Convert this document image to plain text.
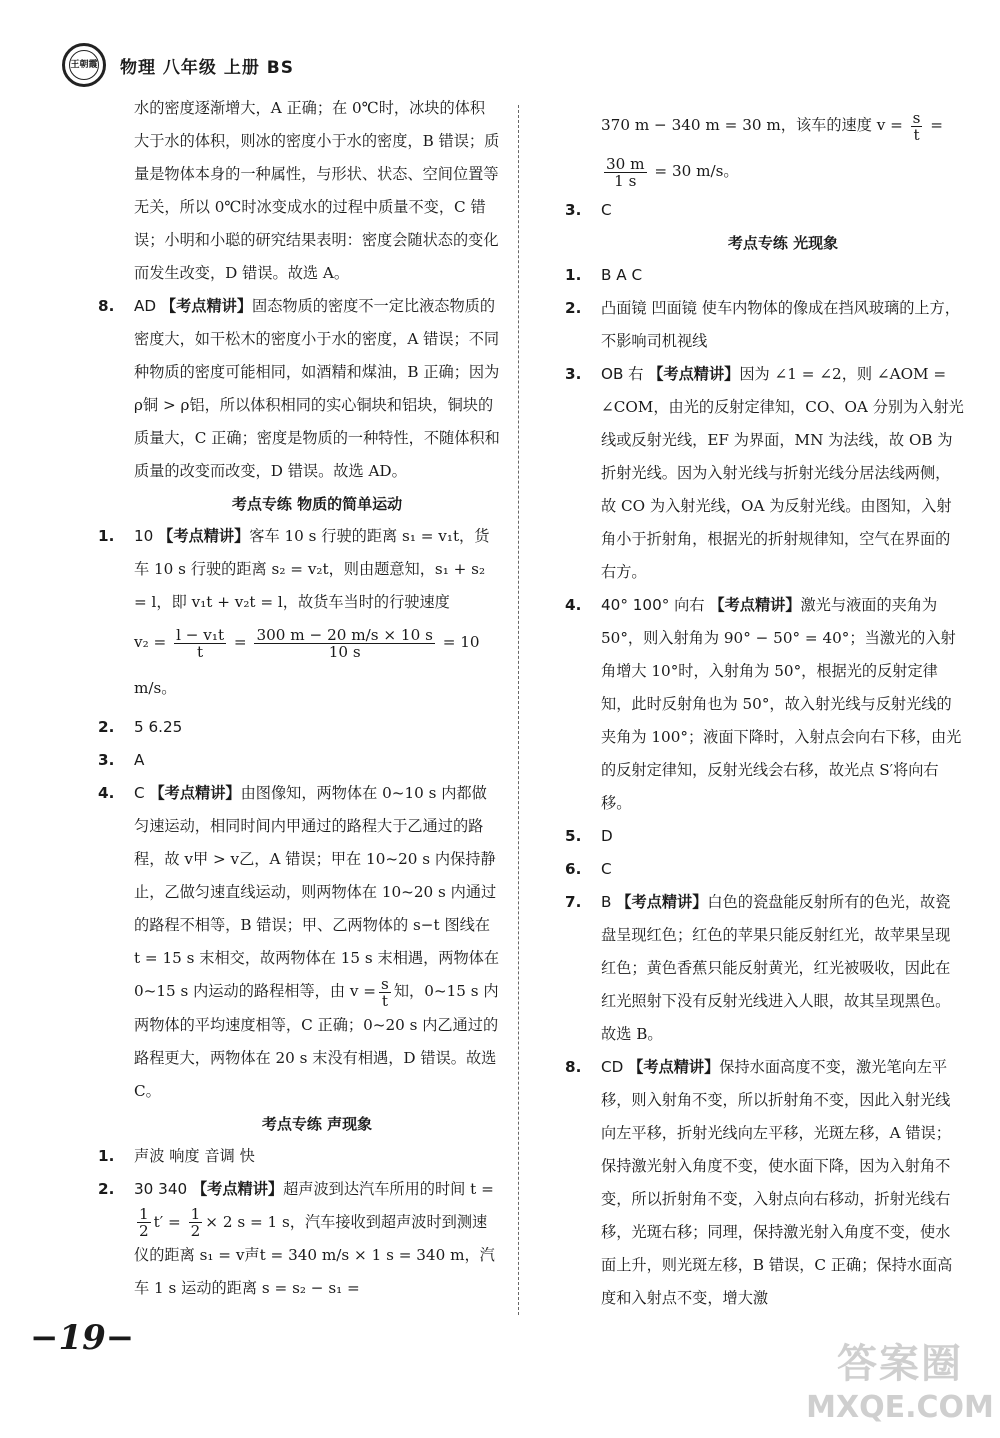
王朝霞 物理 八年级 上册 BS
水的密度逐渐增大，A 正确；在 0℃时，冰块的体积大于水的体积，则冰的密度小于水的密度，B 错误；质量是物体本身的一种属性，与形状、状态、空间位置等无关，所以 0℃时冰变成水的过程中质量不变，C 错误；小明和小聪的研究结果表明：密度会随状态的变化而发生改变，D 错误。故选 A。
8. AD 【考点精讲】固态物质的密度不一定比液态物质的密度大，如干松木的密度小于水的密度，A 错误；不同种物质的密度可能相同，如酒精和煤油，B 正确；因为 ρ铜 > ρ铝，所以体积相同的实心铜块和铝块，铜块的质量大，C 正确；密度是物质的一种特性，不随体积和质量的改变而改变，D 错误。故选 AD。
考点专练 物质的简单运动
1. 10 【考点精讲】客车 10 s 行驶的距离 s₁ = v₁t，货车 10 s 行驶的距离 s₂ = v₂t，则由题意知，s₁ + s₂ = l，即 v₁t + v₂t = l，故货车当时的行驶速度
$v_2 = \frac{\text{l − v₁t}}{t} = \frac{300 m - 20 m/s \times 10 s}{10 s} = 10$ m/s。
2. 5 6.25
3. A
4. C 【考点精讲】由图像知，两物体在 0~10 s 内都做匀速运动，相同时间内甲通过的路程大于乙通过的路程，故 v甲 > v乙，A 错误；甲在 10~20 s 内保持静止，乙做匀速直线运动，则两物体在 10~20 s 内通过的路程不相等，B 错误；甲、乙两物体的 s−t 图线在 t = 15 s 末相交，故两物体在 15 s 末相遇，两物体在 0~15 s 内运动的路程相等，由 $v = \frac{s}{t}$ 知，0~15 s 内两物体的平均速度相等，C 正确；0~20 s 内乙通过的路程更大，两物体在 20 s 末没有相遇，D 错误。故选 C。
考点专练 声现象
1. 声波 响度 音调 快
2. 30 340 【考点精讲】超声波到达汽车所用的时间 t =
$\frac{1}{2} t' = \frac{1}{2} \times 2$ s = 1 s，汽车接收到超声波时到测速仪的距离 s₁ = v声t = 340 m/s × 1 s = 340 m，汽车 1 s 运动的距离 s = s₂ − s₁ =
370 m − 340 m = 30 m，该车的速度 $v = \frac{s}{t}$ =
$\frac{30 m}{1 s} = 30$ m/s。
3. C
考点专练 光现象
1. B A C
2. 凸面镜 凹面镜 使车内物体的像成在挡风玻璃的上方，不影响司机视线
3. OB 右 【考点精讲】因为 ∠1 = ∠2，则 ∠AOM = ∠COM，由光的反射定律知，CO、OA 分别为入射光线或反射光线，EF 为界面，MN 为法线，故 OB 为折射光线。因为入射光线与折射光线分居法线两侧，故 CO 为入射光线，OA 为反射光线。由图知，入射角小于折射角，根据光的折射规律知，空气在界面的右方。
4. 40° 100° 向右 【考点精讲】激光与液面的夹角为 50°，则入射角为 90° − 50° = 40°；当激光的入射角增大 10°时，入射角为 50°，根据光的反射定律知，此时反射角也为 50°，故入射光线与反射光线的夹角为 100°；液面下降时，入射点会向右下移，由光的反射定律知，反射光线会右移，故光点 S′将向右移。
5. D
6. C
7. B 【考点精讲】白色的瓷盘能反射所有的色光，故瓷盘呈现红色；红色的苹果只能反射红光，故苹果呈现红色；黄色香蕉只能反射黄光，红光被吸收，因此在红光照射下没有反射光线进入人眼，故其呈现黑色。故选 B。
8. CD 【考点精讲】保持水面高度不变，激光笔向左平移，则入射角不变，所以折射角不变，因此入射光线向左平移，折射光线向左平移，光斑左移，A 错误；保持激光射入角度不变，使水面下降，因为入射角不变，所以折射角不变，入射点向右移动，折射光线右移，光斑右移；同理，保持激光射入角度不变，使水面上升，则光斑左移，B 错误，C 正确；保持水面高度和入射点不变，增大激
−19−
答案圈
MXQE.COM
